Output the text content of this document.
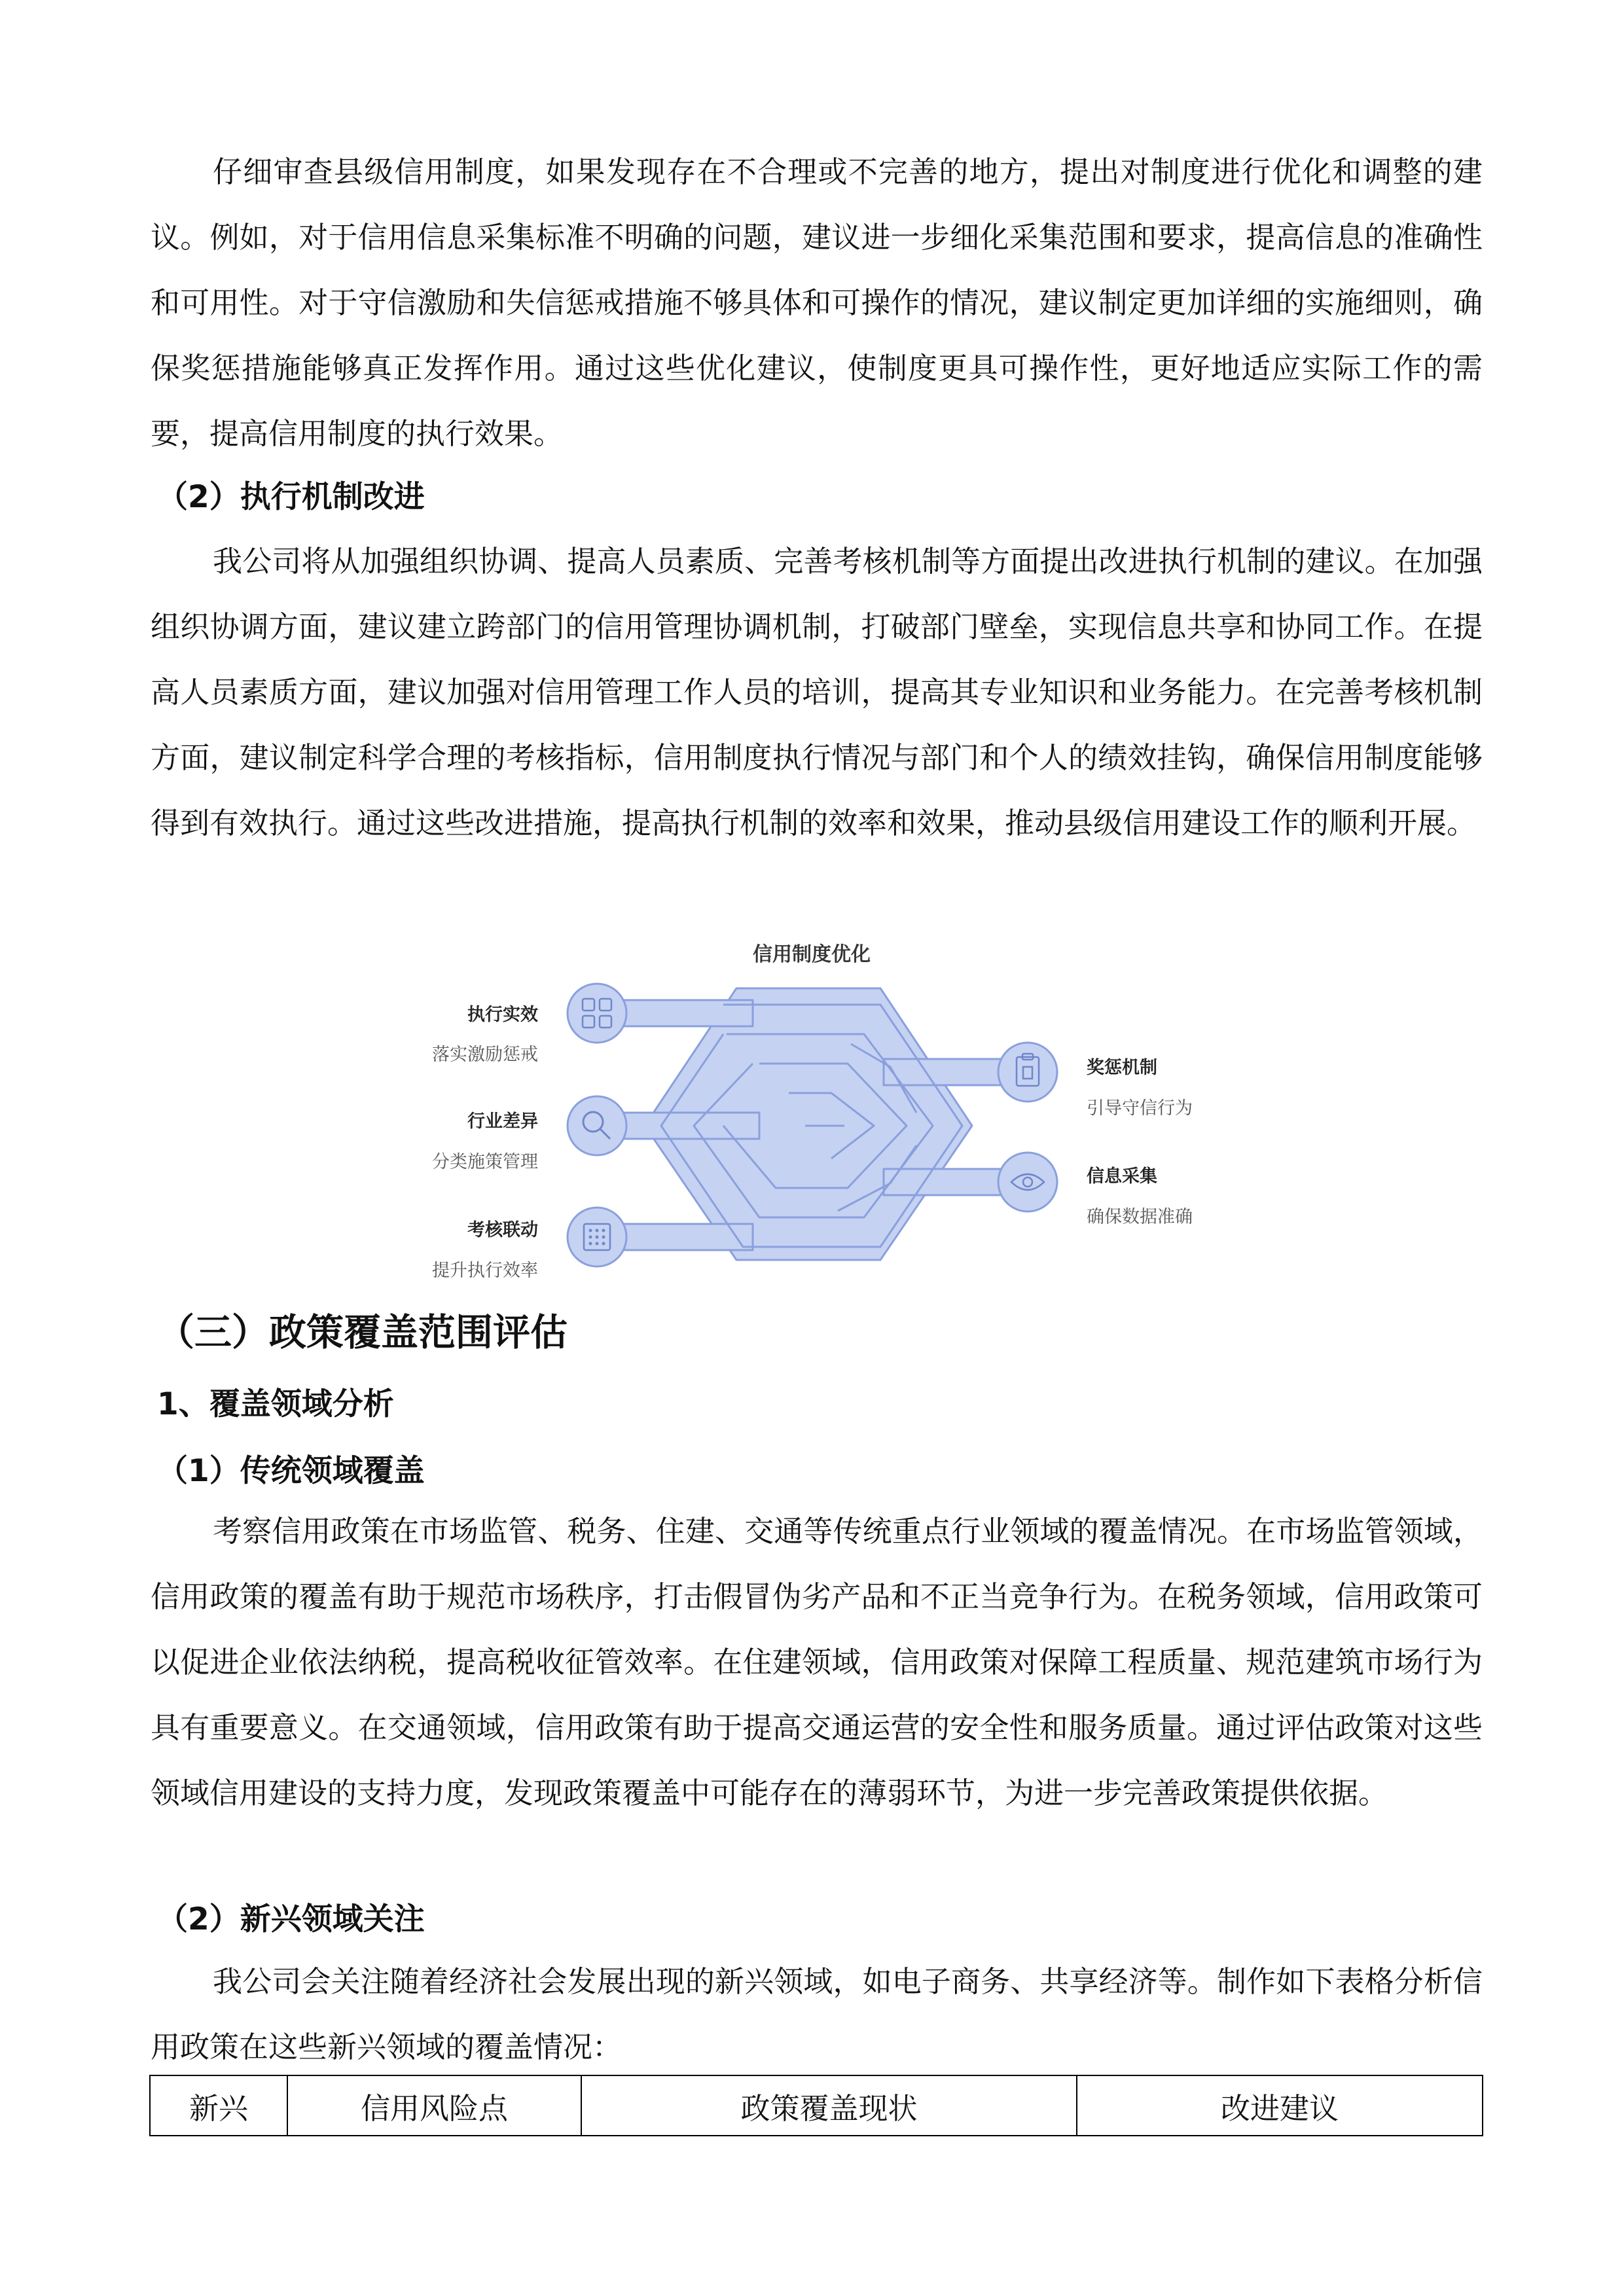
仔细审查县级信用制度，如果发现存在不合理或不完善的地方，提出对制度进行优化和调整的建议。例如，对于信用信息采集标准不明确的问题，建议进一步细化采集范围和要求，提高信息的准确性和可用性。对于守信激励和失信惩戒措施不够具体和可操作的情况，建议制定更加详细的实施细则，确保奖惩措施能够真正发挥作用。通过这些优化建议，使制度更具可操作性，更好地适应实际工作的需要，提高信用制度的执行效果。

（2）执行机制改进

我公司将从加强组织协调、提高人员素质、完善考核机制等方面提出改进执行机制的建议。在加强组织协调方面，建议建立跨部门的信用管理协调机制，打破部门壁垒，实现信息共享和协同工作。在提高人员素质方面，建议加强对信用管理工作人员的培训，提高其专业知识和业务能力。在完善考核机制方面，建议制定科学合理的考核指标，信用制度执行情况与部门和个人的绩效挂钩，确保信用制度能够得到有效执行。通过这些改进措施，提高执行机制的效率和效果，推动县级信用建设工作的顺利开展。

信用制度优化
执行实效
落实激励惩戒
行业差异
分类施策管理
考核联动
提升执行效率
奖惩机制
引导守信行为
信息采集
确保数据准确
（三）政策覆盖范围评估
1、覆盖领域分析
（1）传统领域覆盖

考察信用政策在市场监管、税务、住建、交通等传统重点行业领域的覆盖情况。在市场监管领域，信用政策的覆盖有助于规范市场秩序，打击假冒伪劣产品和不正当竞争行为。在税务领域，信用政策可以促进企业依法纳税，提高税收征管效率。在住建领域，信用政策对保障工程质量、规范建筑市场行为具有重要意义。在交通领域，信用政策有助于提高交通运营的安全性和服务质量。通过评估政策对这些领域信用建设的支持力度，发现政策覆盖中可能存在的薄弱环节，为进一步完善政策提供依据。

（2）新兴领域关注

我公司会关注随着经济社会发展出现的新兴领域，如电子商务、共享经济等。制作如下表格分析信用政策在这些新兴领域的覆盖情况：

新兴	信用风险点	政策覆盖现状	改进建议
